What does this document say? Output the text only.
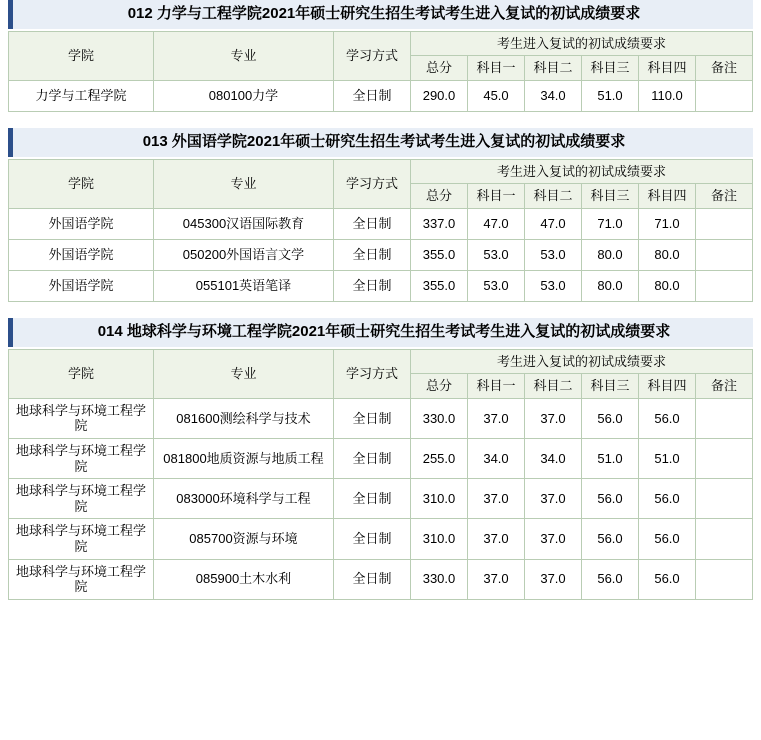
012 力学与工程学院2021年硕士研究生招生考试考生进入复试的初试成绩要求
学院	专业	学习方式	考生进入复试的初试成绩要求					
			总分	科目一	科目二	科目三	科目四	备注
力学与工程学院	080100力学	全日制	290.0	45.0	34.0	51.0	110.0	
013 外国语学院2021年硕士研究生招生考试考生进入复试的初试成绩要求
学院	专业	学习方式	考生进入复试的初试成绩要求					
			总分	科目一	科目二	科目三	科目四	备注
外国语学院	045300汉语国际教育	全日制	337.0	47.0	47.0	71.0	71.0	
外国语学院	050200外国语言文学	全日制	355.0	53.0	53.0	80.0	80.0	
外国语学院	055101英语笔译	全日制	355.0	53.0	53.0	80.0	80.0	
014 地球科学与环境工程学院2021年硕士研究生招生考试考生进入复试的初试成绩要求
学院	专业	学习方式	考生进入复试的初试成绩要求					
			总分	科目一	科目二	科目三	科目四	备注
地球科学与环境工程学院	081600测绘科学与技术	全日制	330.0	37.0	37.0	56.0	56.0	
地球科学与环境工程学院	081800地质资源与地质工程	全日制	255.0	34.0	34.0	51.0	51.0	
地球科学与环境工程学院	083000环境科学与工程	全日制	310.0	37.0	37.0	56.0	56.0	
地球科学与环境工程学院	085700资源与环境	全日制	310.0	37.0	37.0	56.0	56.0	
地球科学与环境工程学院	085900土木水利	全日制	330.0	37.0	37.0	56.0	56.0	
